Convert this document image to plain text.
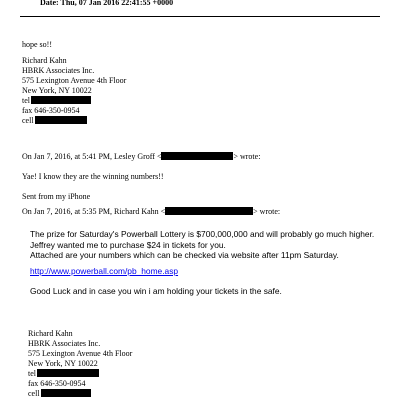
Date: Thu, 07 Jan 2016 22:41:55 +0000
hope so!!
Richard Kahn
HBRK Associates Inc.
575 Lexington Avenue 4th Floor
New York, NY 10022
tel
fax 646-350-0954
cell
On Jan 7, 2016, at 5:41 PM, Lesley Groff <	> wrote:
Yae! I know they are the winning numbers!!
Sent from my iPhone
On Jan 7, 2016, at 5:35 PM, Richard Kahn <	> wrote:
The prize for Saturday's Powerball Lottery is $700,000,000 and will probably go much higher.
Jeffrey wanted me to purchase $24 in tickets for you.
Attached are your numbers which can be checked via website after 11pm Saturday.
http://www.powerball.com/pb_home.asp
Good Luck and in case you win i am holding your tickets in the safe.
Richard Kahn
HBRK Associates Inc.
575 Lexington Avenue 4th Floor
New York, NY 10022
tel
fax 646-350-0954
cell
